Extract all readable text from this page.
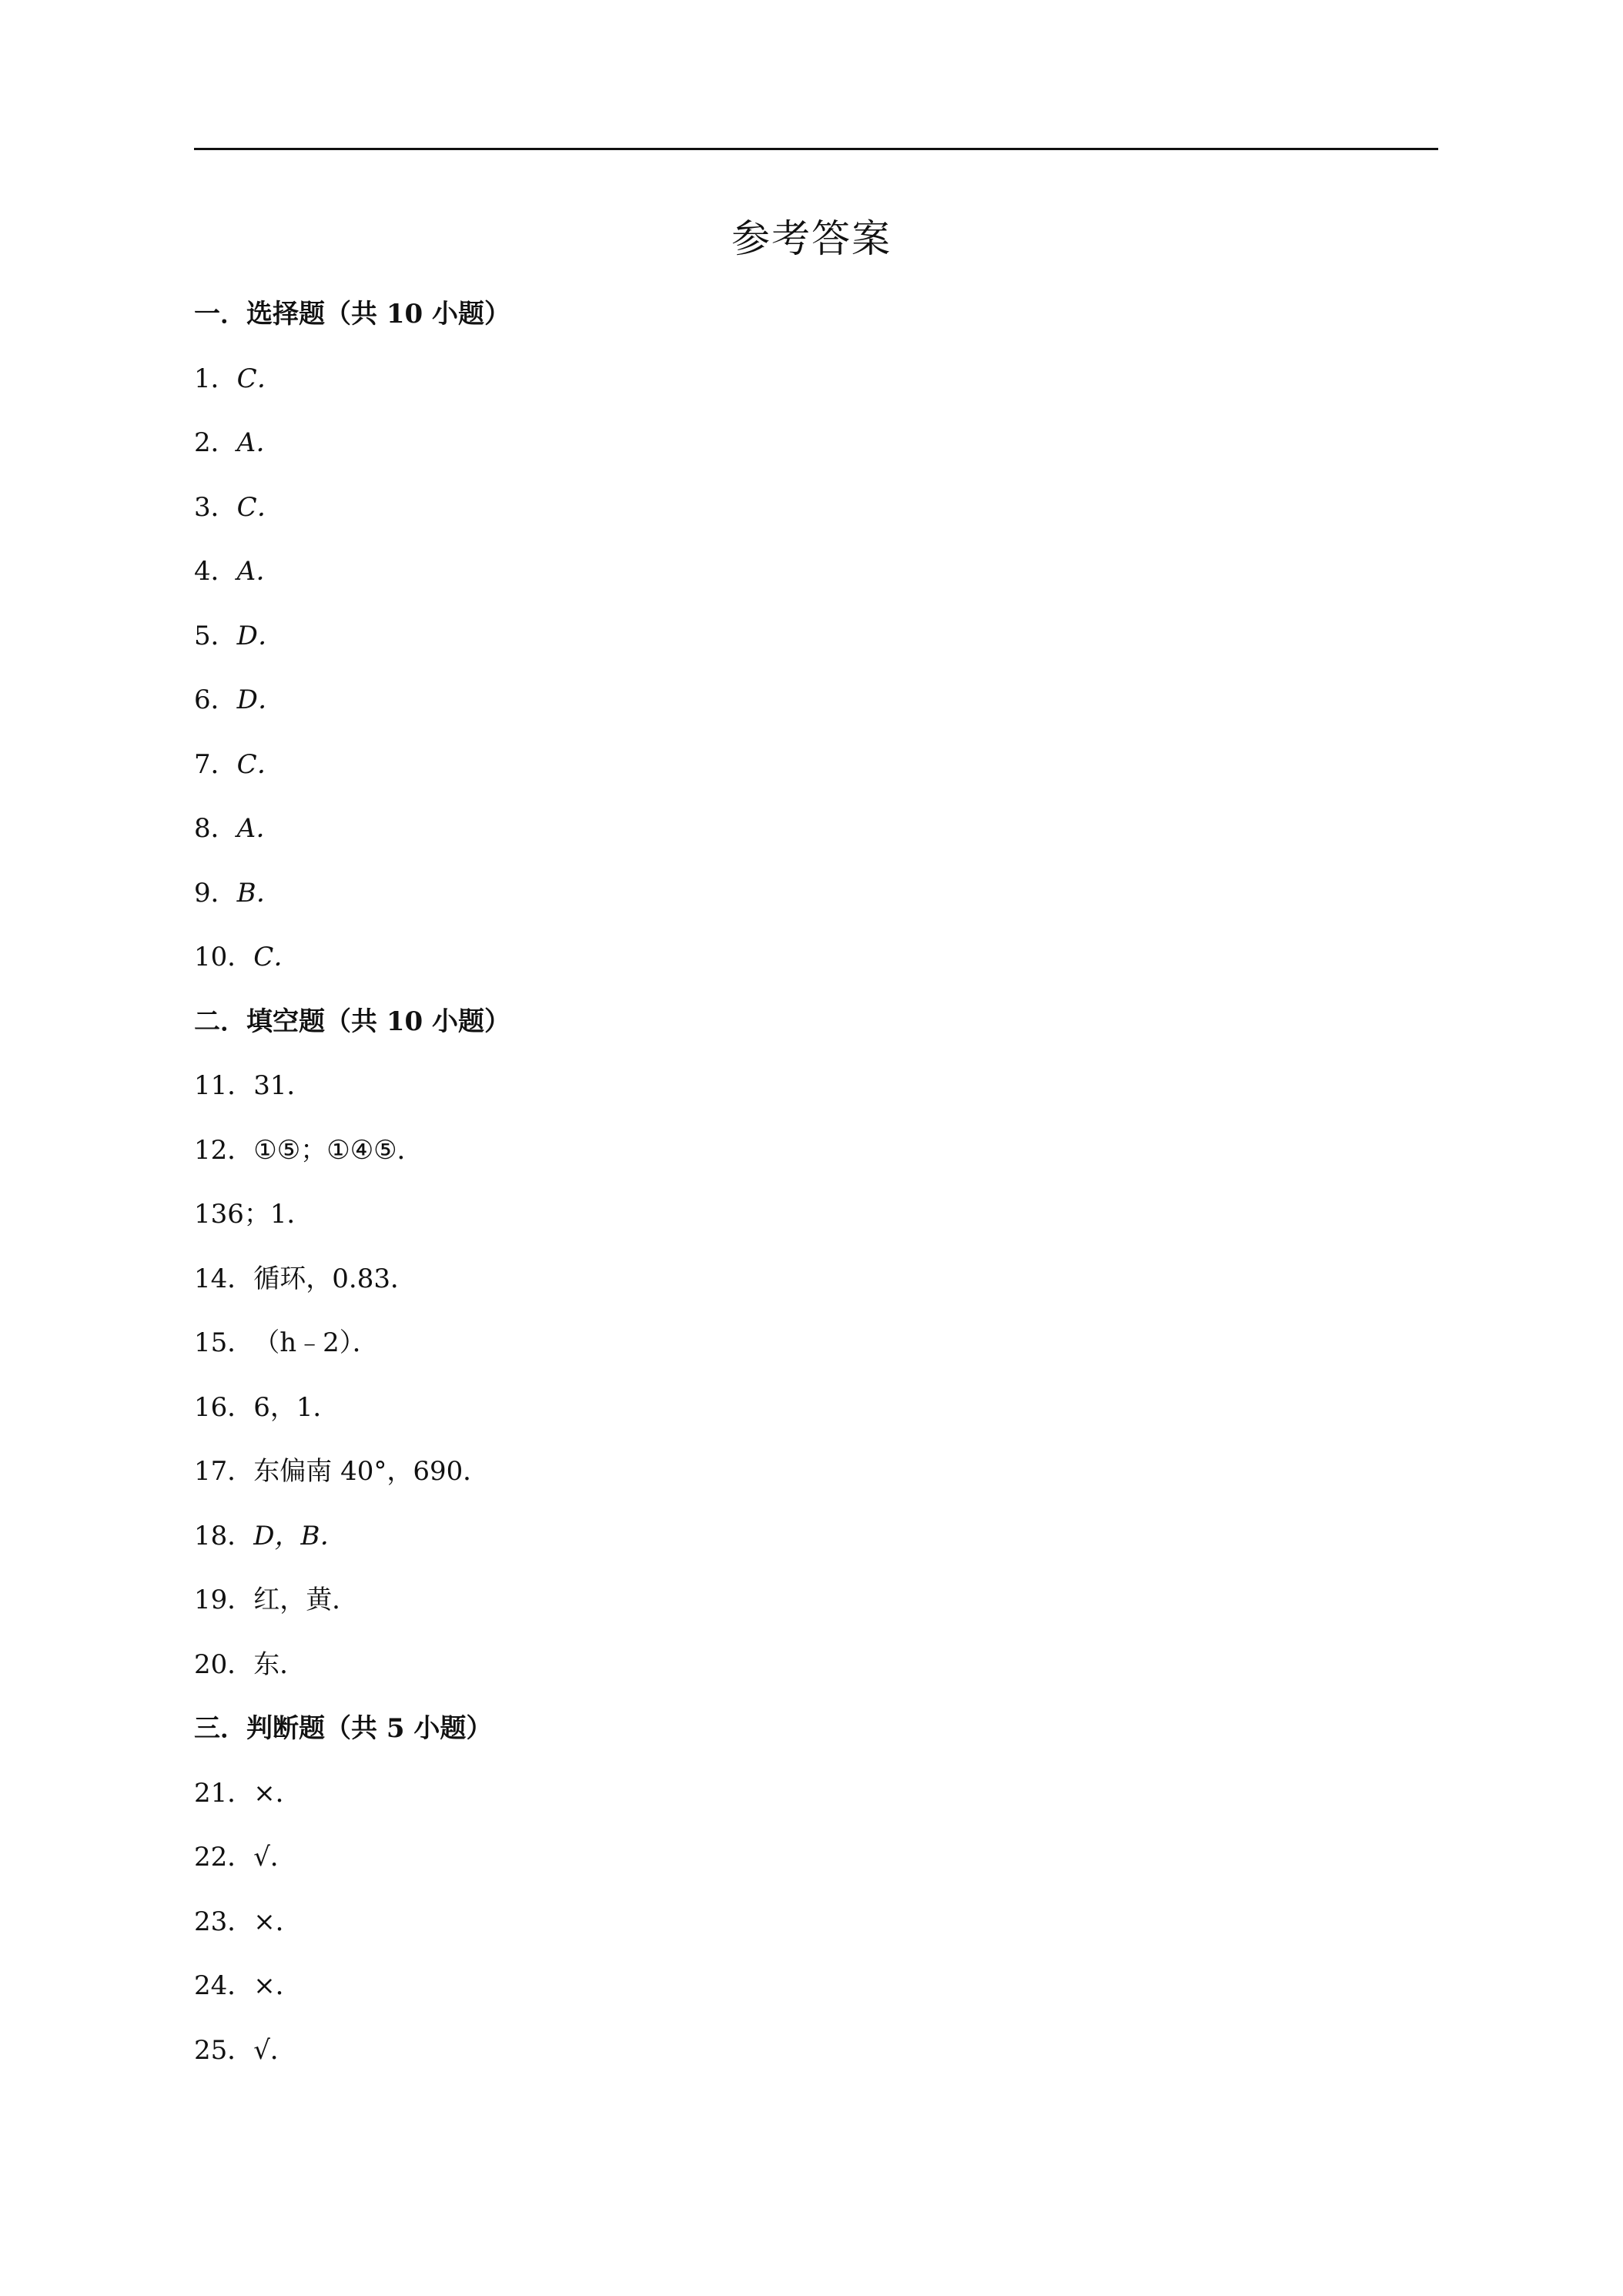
参考答案
一．选择题（共 10 小题）
1．C．
2．A．
3．C．
4．A．
5．D．
6．D．
7．C．
8．A．
9．B．
10．C．
二．填空题（共 10 小题）
11．31．
12．①⑤；①④⑤．
136；1．
14．循环，0.83．
15．（h﹣2）．
16．6，1．
17．东偏南 40°，690．
18．D，B．
19．红，黄．
20．东．
三．判断题（共 5 小题）
21．×．
22．√．
23．×．
24．×．
25．√．
